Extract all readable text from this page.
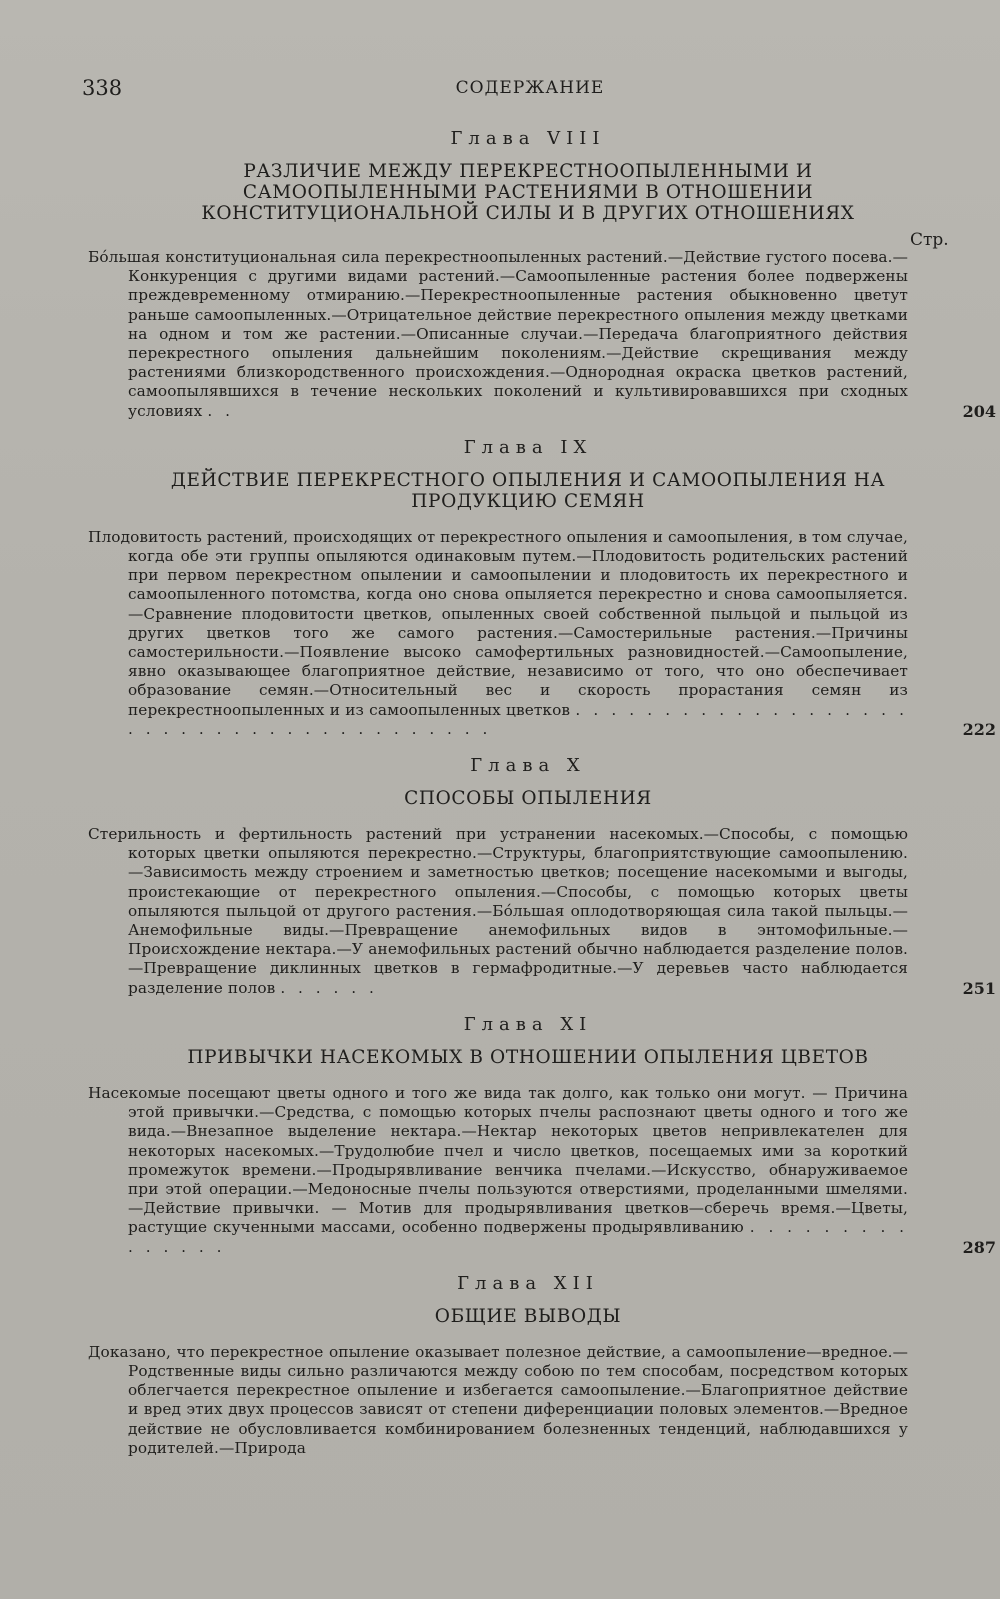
338	СОДЕРЖАНИЕ
Стр.
Глава VIII
РАЗЛИЧИЕ МЕЖДУ ПЕРЕКРЕСТНООПЫЛЕННЫМИ И САМООПЫЛЕННЫМИ РАСТЕНИЯМИ В ОТНОШЕНИИ КОНСТИТУЦИОНАЛЬНОЙ СИЛЫ И В ДРУГИХ ОТНОШЕНИЯХ

Бóльшая конституциональная сила перекрестноопыленных растений.—Действие густого посева.—Конкуренция с другими видами растений.—Самоопыленные растения более подвержены преждевременному отмиранию.—Перекрестноопыленные растения обыкновенно цветут раньше самоопыленных.—Отрицательное действие перекрестного опыления между цветками на одном и том же растении.—Описанные случаи.—Передача благоприятного действия перекрестного опыления дальнейшим поколениям.—Действие скрещивания между растениями близкородственного происхождения.—Однородная окраска цветков растений, самоопылявшихся в течение нескольких поколений и культивировавшихся при сходных условиях . .	204
Глава IX
ДЕЙСТВИЕ ПЕРЕКРЕСТНОГО ОПЫЛЕНИЯ И САМООПЫЛЕНИЯ НА ПРОДУКЦИЮ СЕМЯН

Плодовитость растений, происходящих от перекрестного опыления и самоопыления, в том случае, когда обе эти группы опыляются одинаковым путем.—Плодовитость родительских растений при первом перекрестном опылении и самоопылении и плодовитость их перекрестного и самоопыленного потомства, когда оно снова опыляется перекрестно и снова самоопыляется.—Сравнение плодовитости цветков, опыленных своей собственной пыльцой и пыльцой из других цветков того же самого растения.—Самостерильные растения.—Причины самостерильности.—Появление высоко самофертильных разновидностей.—Самоопыление, явно оказывающее благоприятное действие, независимо от того, что оно обеспечивает образование семян.—Относительный вес и скорость прорастания семян из перекрестноопыленных и из самоопыленных цветков . . . . . . . . . . . . . . . . . . . . . . . . . . . . . . . . . . . . . . . .	222
Глава X
СПОСОБЫ ОПЫЛЕНИЯ

Стерильность и фертильность растений при устранении насекомых.—Способы, с помощью которых цветки опыляются перекрестно.—Структуры, благоприятствующие самоопылению.—Зависимость между строением и заметностью цветков; посещение насекомыми и выгоды, проистекающие от перекрестного опыления.—Способы, с помощью которых цветы опыляются пыльцой от другого растения.—Бóльшая оплодотворяющая сила такой пыльцы.—Анемофильные виды.—Превращение анемофильных видов в энтомофильные.—Происхождение нектара.—У анемофильных растений обычно наблюдается разделение полов.—Превращение диклинных цветков в гермафродитные.—У деревьев часто наблюдается разделение полов . . . . . .	251
Глава XI
ПРИВЫЧКИ НАСЕКОМЫХ В ОТНОШЕНИИ ОПЫЛЕНИЯ ЦВЕТОВ

Насекомые посещают цветы одного и того же вида так долго, как только они могут. — Причина этой привычки.—Средства, с помощью которых пчелы распознают цветы одного и того же вида.—Внезапное выделение нектара.—Нектар некоторых цветов непривлекателен для некоторых насекомых.—Трудолюбие пчел и число цветков, посещаемых ими за короткий промежуток времени.—Продырявливание венчика пчелами.—Искусство, обнаруживаемое при этой операции.—Медоносные пчелы пользуются отверстиями, проделанными шмелями.—Действие привычки. — Мотив для продырявливания цветков—сберечь время.—Цветы, растущие скученными массами, особенно подвержены продырявливанию . . . . . . . . . . . . . . .	287
Глава XII
ОБЩИЕ ВЫВОДЫ

Доказано, что перекрестное опыление оказывает полезное действие, а самоопыление—вредное.—Родственные виды сильно различаются между собою по тем способам, посредством которых облегчается перекрестное опыление и избегается самоопыление.—Благоприятное действие и вред этих двух процессов зависят от степени диференциации половых элементов.—Вредное действие не обусловливается комбинированием болезненных тенденций, наблюдавшихся у родителей.—Природа
